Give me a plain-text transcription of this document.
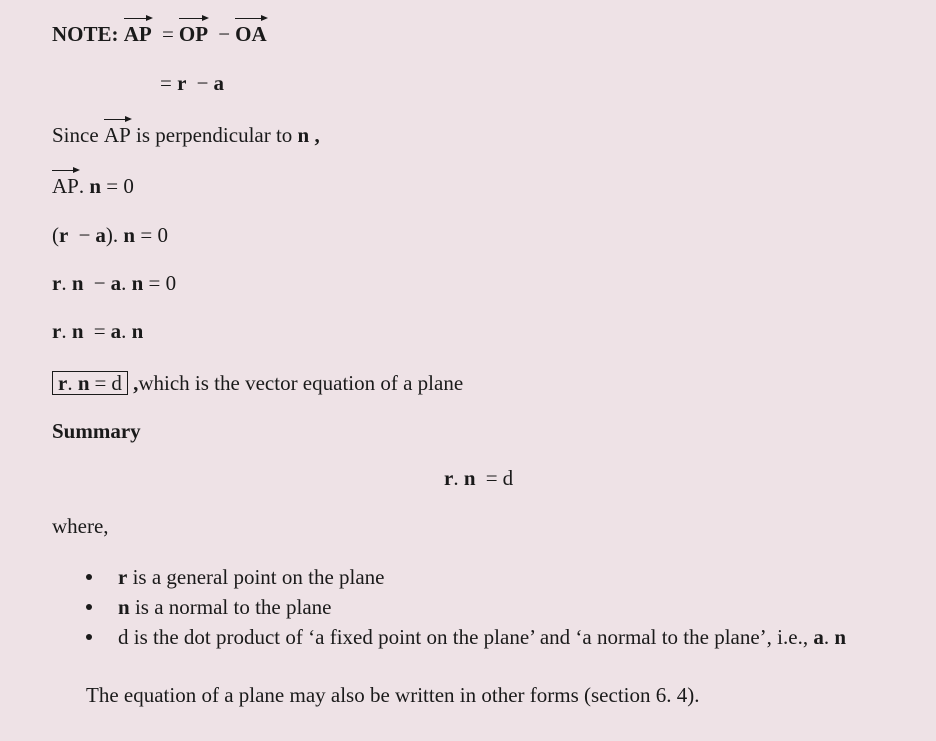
NOTE: AP = OP − OA
= r − a
Since AP is perpendicular to n ,
AP. n = 0
(r − a). n = 0
r. n − a. n = 0
r. n = a. n
r. n = d ,which is the vector equation of a plane
Summary
r. n = d
where,
r is a general point on the plane
n is a normal to the plane
d is the dot product of ‘a fixed point on the plane’ and ‘a normal to the plane’, i.e., a. n
The equation of a plane may also be written in other forms (section 6. 4).
